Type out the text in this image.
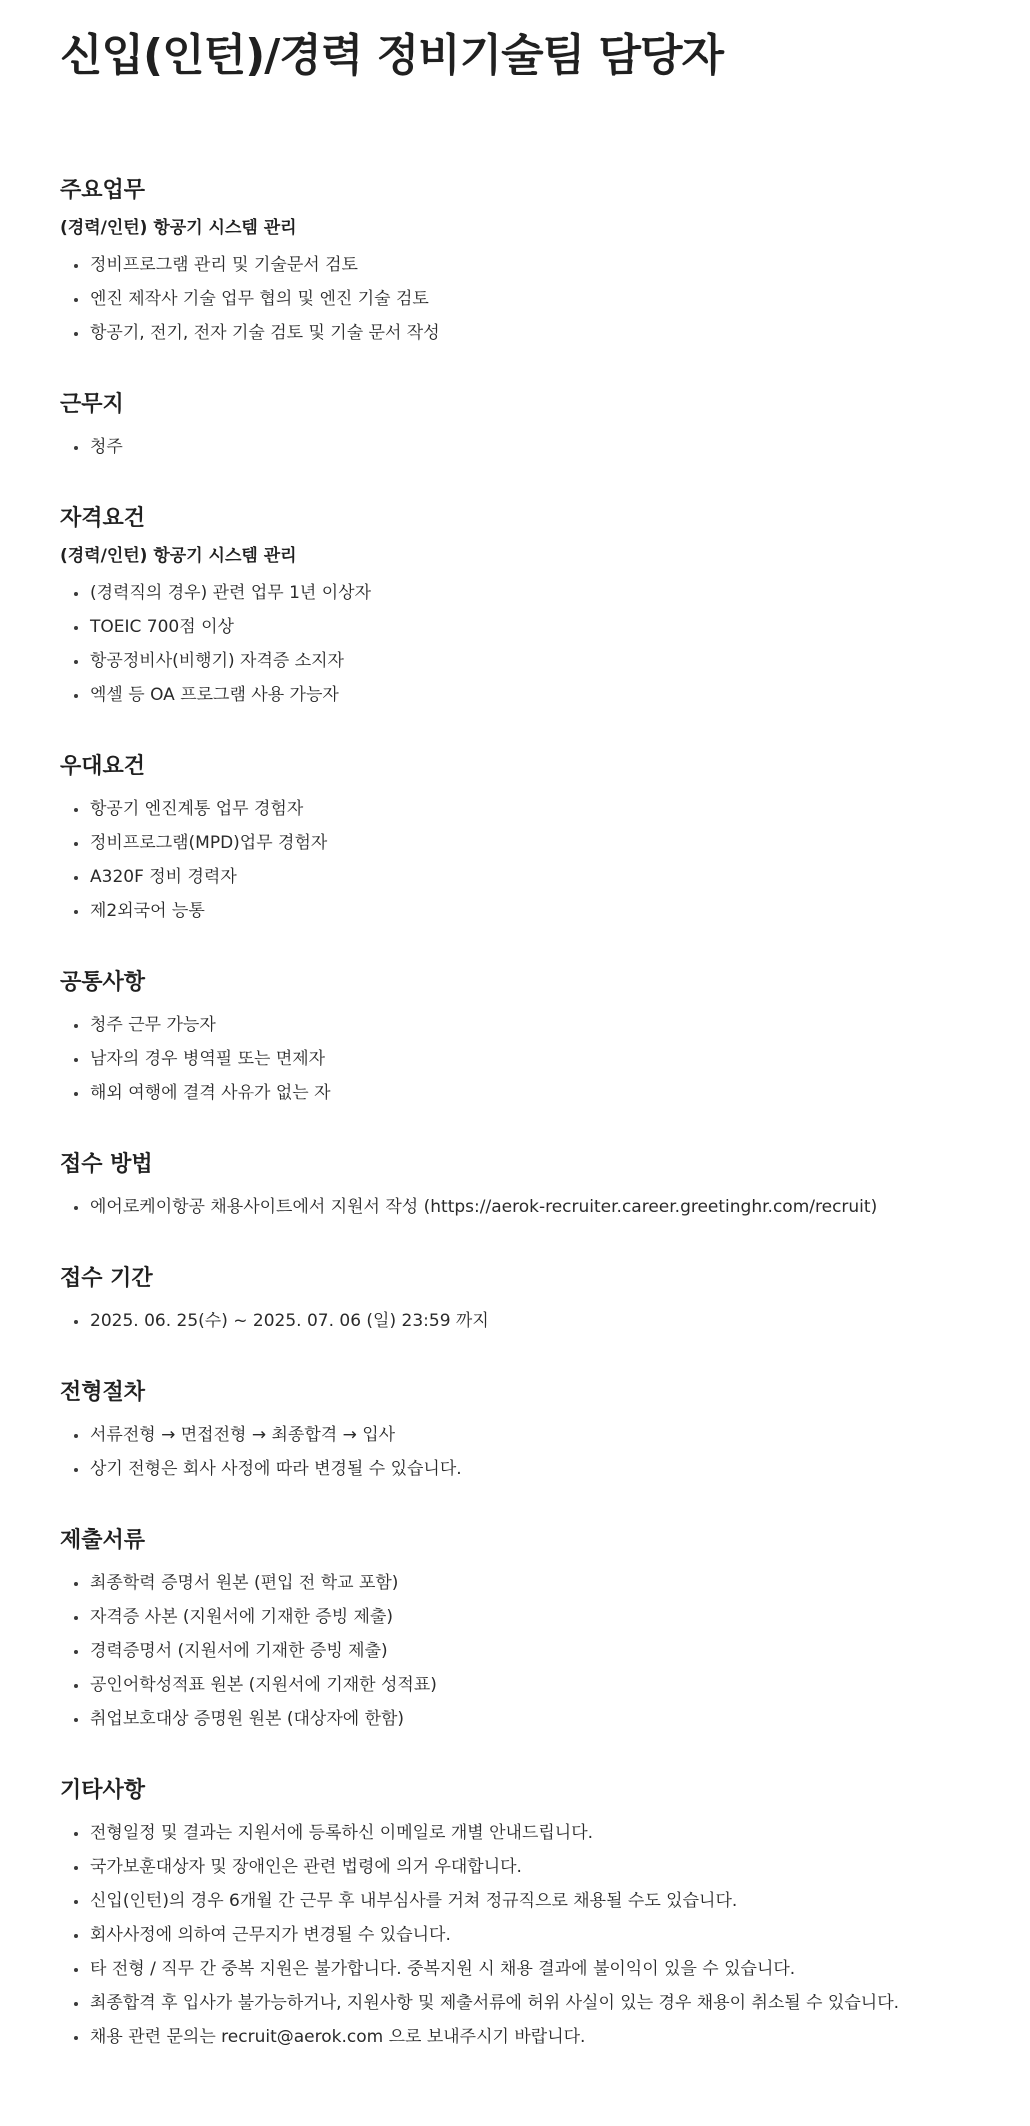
신입(인턴)/경력 정비기술팀 담당자
주요업무
(경력/인턴) 항공기 시스템 관리
정비프로그램 관리 및 기술문서 검토
엔진 제작사 기술 업무 협의 및 엔진 기술 검토
항공기, 전기, 전자 기술 검토 및 기술 문서 작성
근무지
청주
자격요건
(경력/인턴) 항공기 시스템 관리
(경력직의 경우) 관련 업무 1년 이상자
TOEIC 700점 이상
항공정비사(비행기) 자격증 소지자
엑셀 등 OA 프로그램 사용 가능자
우대요건
항공기 엔진계통 업무 경험자
정비프로그램(MPD)업무 경험자
A320F 정비 경력자
제2외국어 능통
공통사항
청주 근무 가능자
남자의 경우 병역필 또는 면제자
해외 여행에 결격 사유가 없는 자
접수 방법
에어로케이항공 채용사이트에서 지원서 작성 (https://aerok-recruiter.career.greetinghr.com/recruit)
접수 기간
2025. 06. 25(수) ~ 2025. 07. 06 (일) 23:59 까지
전형절차
서류전형 → 면접전형 → 최종합격 → 입사
상기 전형은 회사 사정에 따라 변경될 수 있습니다.
제출서류
최종학력 증명서 원본 (편입 전 학교 포함)
자격증 사본 (지원서에 기재한 증빙 제출)
경력증명서 (지원서에 기재한 증빙 제출)
공인어학성적표 원본 (지원서에 기재한 성적표)
취업보호대상 증명원 원본 (대상자에 한함)
기타사항
전형일정 및 결과는 지원서에 등록하신 이메일로 개별 안내드립니다.
국가보훈대상자 및 장애인은 관련 법령에 의거 우대합니다.
신입(인턴)의 경우 6개월 간 근무 후 내부심사를 거쳐 정규직으로 채용될 수도 있습니다.
회사사정에 의하여 근무지가 변경될 수 있습니다.
타 전형 / 직무 간 중복 지원은 불가합니다. 중복지원 시 채용 결과에 불이익이 있을 수 있습니다.
최종합격 후 입사가 불가능하거나, 지원사항 및 제출서류에 허위 사실이 있는 경우 채용이 취소될 수 있습니다.
채용 관련 문의는 recruit@aerok.com 으로 보내주시기 바랍니다.
